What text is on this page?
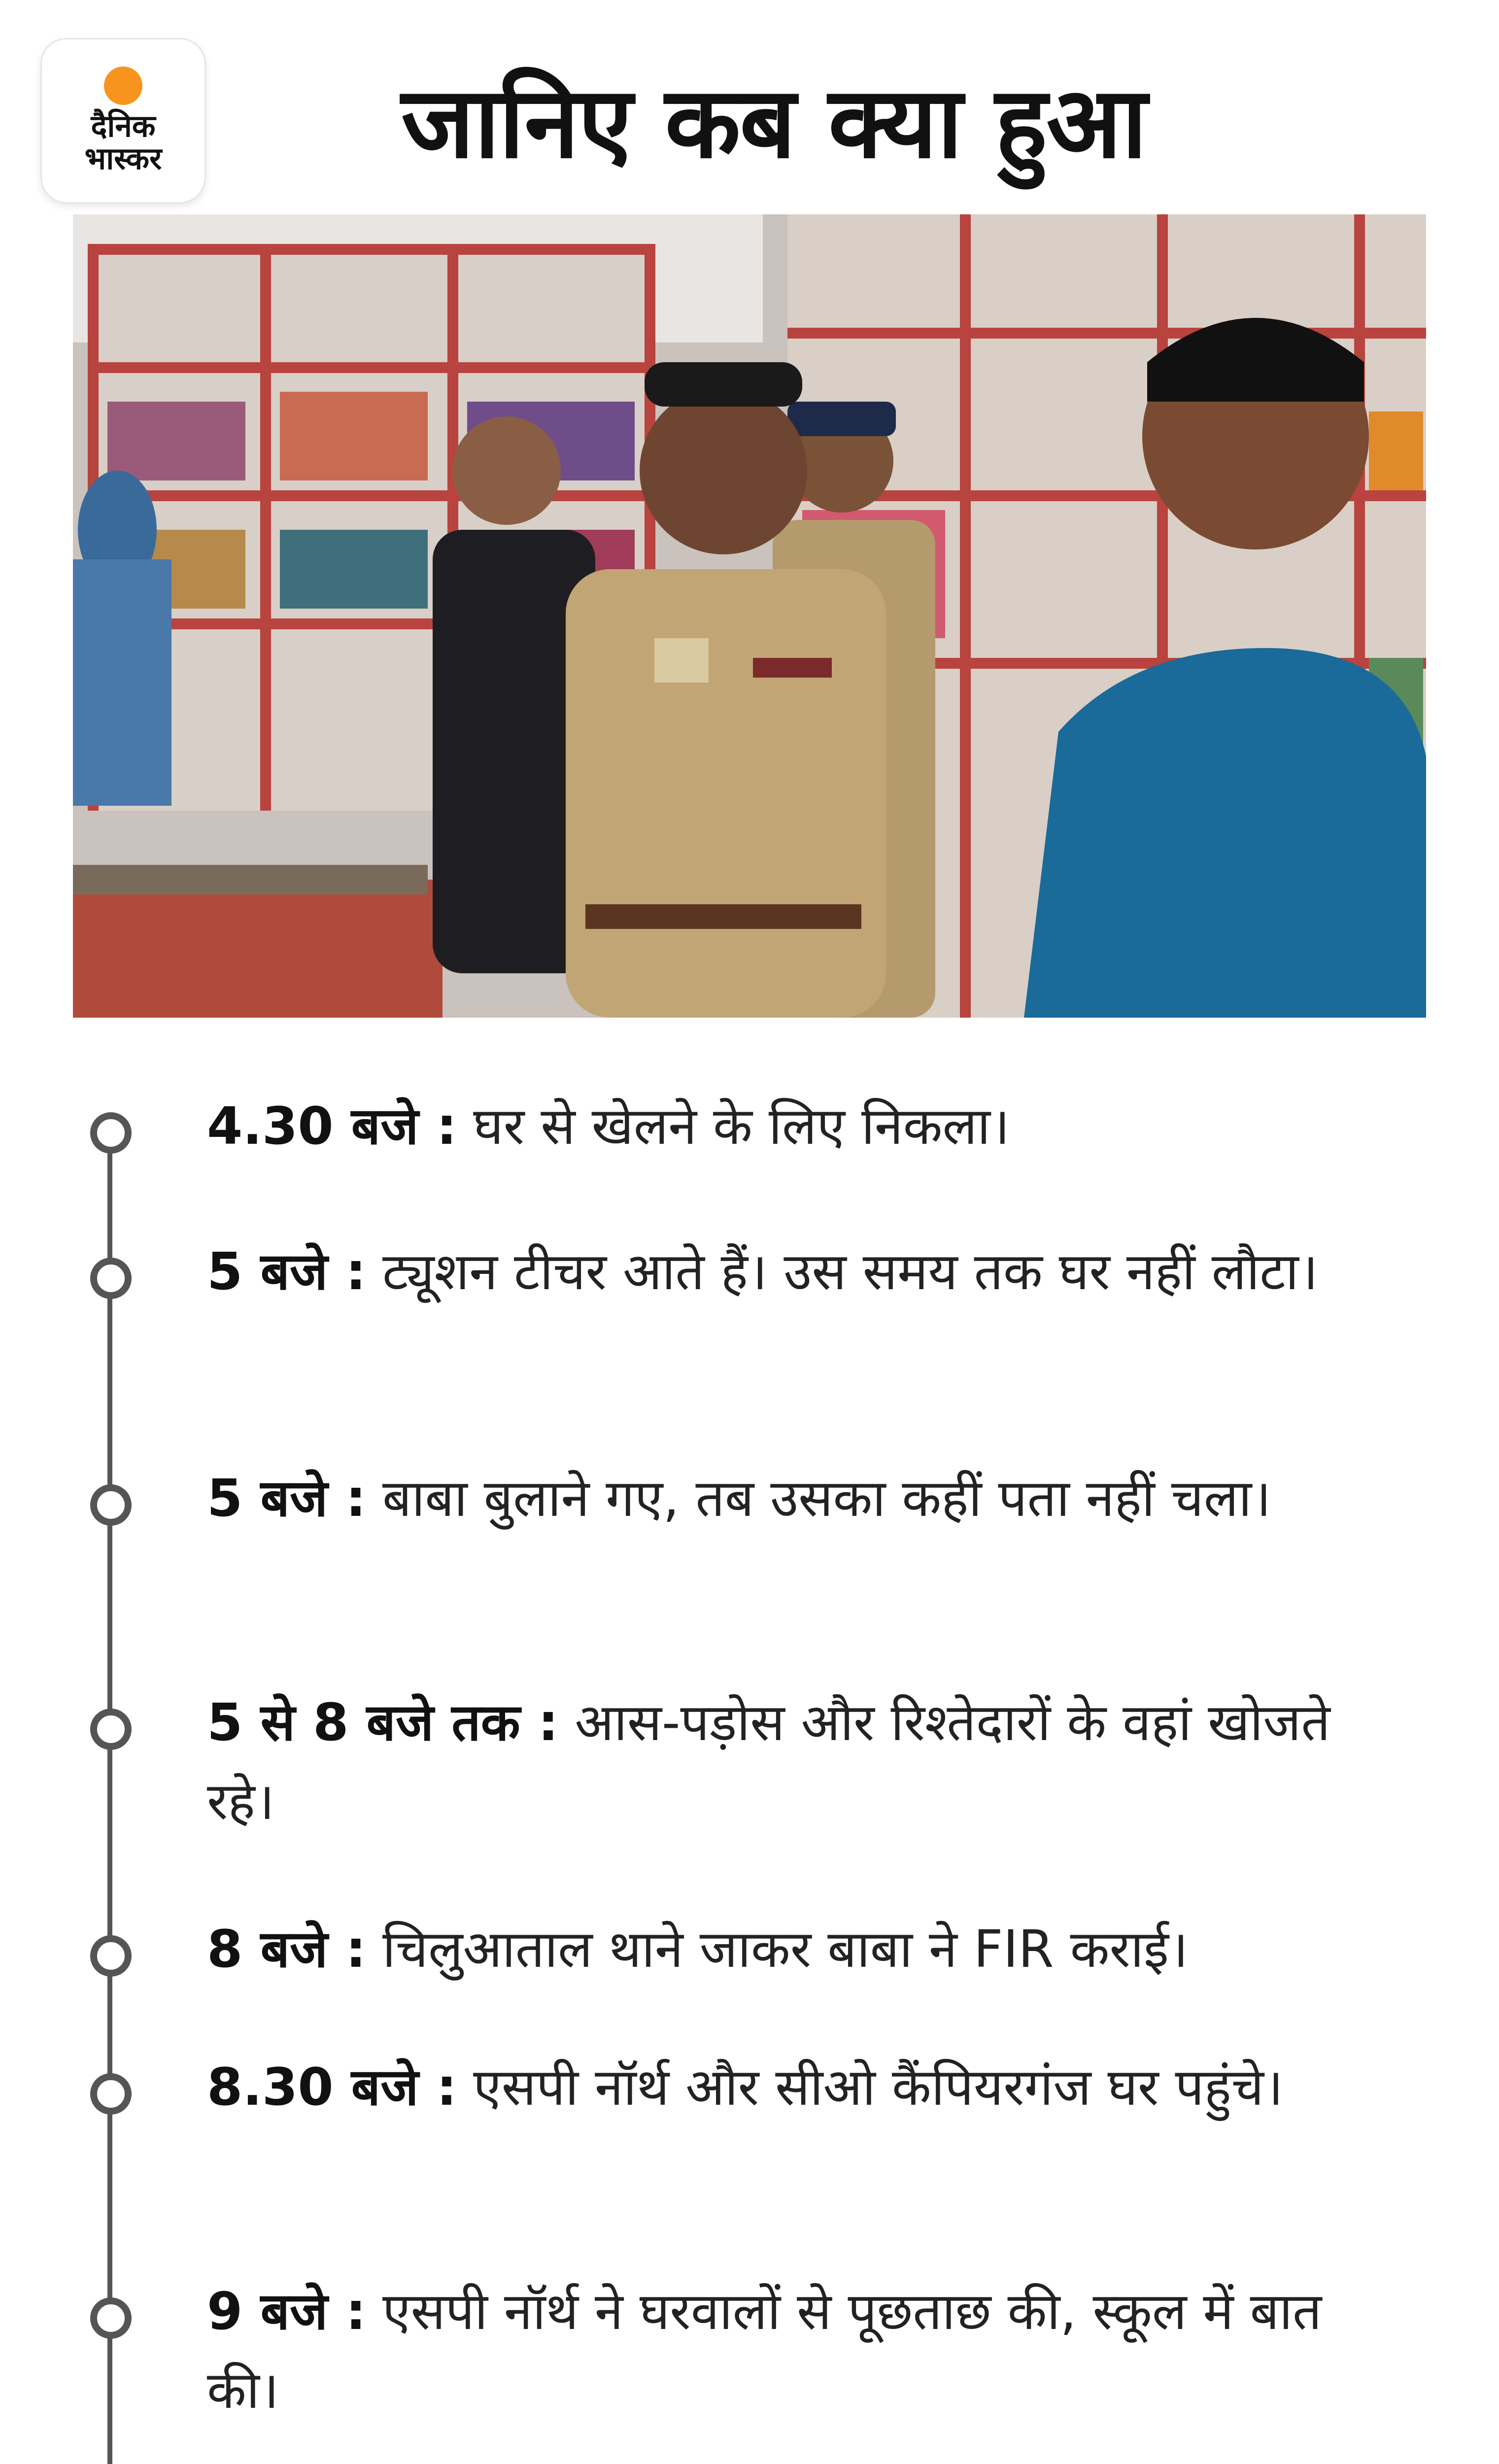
दैनिक भास्कर	जानिए कब क्या हुआ
4.30 बजे : घर से खेलने के लिए निकला।
5 बजे : ट्यूशन टीचर आते हैं। उस समय तक घर नहीं लौटा।
5 बजे : बाबा बुलाने गए, तब उसका कहीं पता नहीं चला।
5 से 8 बजे तक : आस-पड़ोस और रिश्तेदारों के वहां खोजते रहे।
8 बजे : चिलुआताल थाने जाकर बाबा ने FIR कराई।
8.30 बजे : एसपी नॉर्थ और सीओ कैंपियरगंज घर पहुंचे।
9 बजे : एसपी नॉर्थ ने घरवालों से पूछताछ की, स्कूल में बात की।
